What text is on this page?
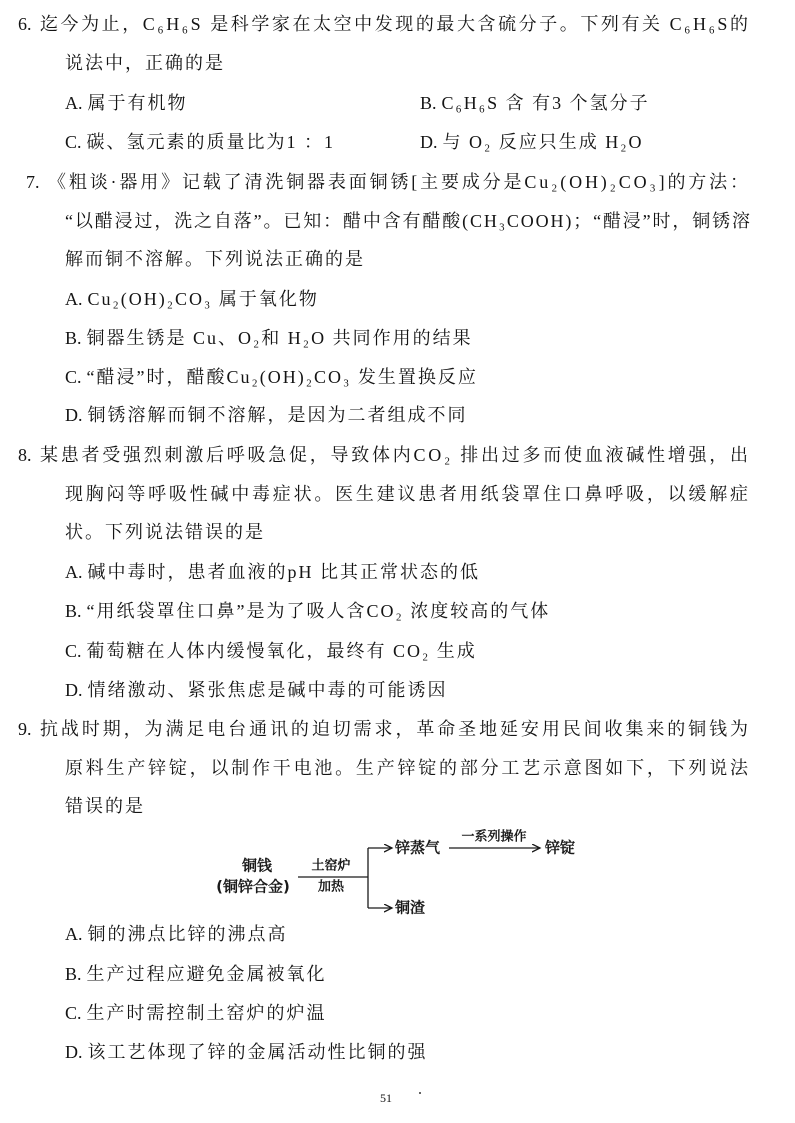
6. 迄今为止，C₆H₆S 是科学家在太空中发现的最大含硫分子。下列有关 C₆H₆S的
说法中，正确的是
A. 属于有机物	B. C₆H₆S 含 有3 个氢分子
C. 碳、氢元素的质量比为1 ：1	D. 与 O₂ 反应只生成 H₂O
7. 《粗谈·器用》记载了清洗铜器表面铜锈[主要成分是Cu₂(OH)₂CO₃]的方法：
“以醋浸过，洗之自落”。已知：醋中含有醋酸(CH₃COOH)；“醋浸”时，铜锈溶
解而铜不溶解。下列说法正确的是
A. Cu₂(OH)₂CO₃ 属于氧化物
B. 铜器生锈是 Cu、O₂和 H₂O 共同作用的结果
C. “醋浸”时，醋酸Cu₂(OH)₂CO₃ 发生置换反应
D. 铜锈溶解而铜不溶解，是因为二者组成不同
8. 某患者受强烈刺激后呼吸急促，导致体内CO₂ 排出过多而使血液碱性增强，出
现胸闷等呼吸性碱中毒症状。医生建议患者用纸袋罩住口鼻呼吸，以缓解症
状。下列说法错误的是
A. 碱中毒时，患者血液的pH 比其正常状态的低
B. “用纸袋罩住口鼻”是为了吸人含CO₂ 浓度较高的气体
C. 葡萄糖在人体内缓慢氧化，最终有 CO₂ 生成
D. 情绪激动、紧张焦虑是碱中毒的可能诱因
9. 抗战时期，为满足电台通讯的迫切需求，革命圣地延安用民间收集来的铜钱为
原料生产锌锭，以制作干电池。生产锌锭的部分工艺示意图如下，下列说法
错误的是
铜钱
(铜锌合金)
土窑炉
加热
锌蒸气
一系列操作
锌锭
铜渣
A. 铜的沸点比锌的沸点高
B. 生产过程应避免金属被氧化
C. 生产时需控制土窑炉的炉温
D. 该工艺体现了锌的金属活动性比铜的强
51
